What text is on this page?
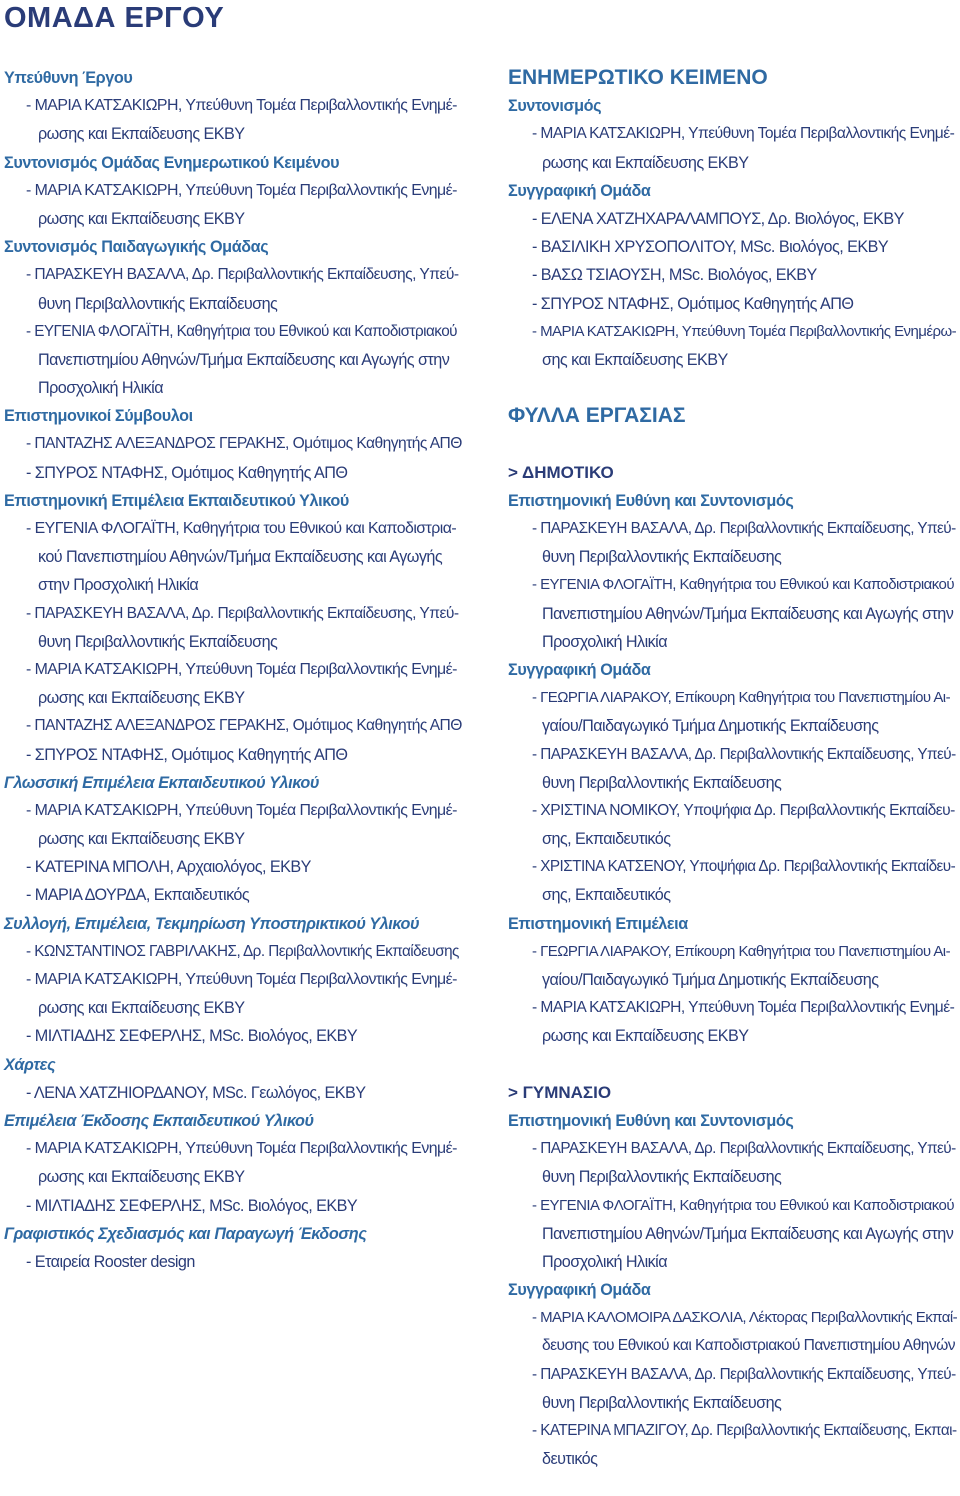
ΟΜΑΔΑ ΕΡΓΟΥ
Υπεύθυνη Έργου
- ΜΑΡΙΑ ΚΑΤΣΑΚΙΩΡΗ, Υπεύθυνη Τομέα Περιβαλλοντικής Ενημέ-
ρωσης και Εκπαίδευσης ΕΚΒΥ
Συντονισμός Ομάδας Ενημερωτικού Κειμένου
- ΜΑΡΙΑ ΚΑΤΣΑΚΙΩΡΗ, Υπεύθυνη Τομέα Περιβαλλοντικής Ενημέ-
ρωσης και Εκπαίδευσης ΕΚΒΥ
Συντονισμός Παιδαγωγικής Ομάδας
- ΠΑΡΑΣΚΕΥΗ ΒΑΣΑΛΑ, Δρ. Περιβαλλοντικής Εκπαίδευσης, Υπεύ-
θυνη Περιβαλλοντικής Εκπαίδευσης
- ΕΥΓΕΝΙΑ ΦΛΟΓΑΪΤΗ, Καθηγήτρια του Εθνικού και Καποδιστριακού
Πανεπιστημίου Αθηνών/Τμήμα Εκπαίδευσης και Αγωγής στην
Προσχολική Ηλικία
Επιστημονικοί Σύμβουλοι
- ΠΑΝΤΑΖΗΣ ΑΛΕΞΑΝΔΡΟΣ ΓΕΡΑΚΗΣ, Ομότιμος Καθηγητής ΑΠΘ
- ΣΠΥΡΟΣ ΝΤΑΦΗΣ, Ομότιμος Καθηγητής ΑΠΘ
Επιστημονική Επιμέλεια Εκπαιδευτικού Υλικού
- ΕΥΓΕΝΙΑ ΦΛΟΓΑΪΤΗ, Καθηγήτρια του Εθνικού και Καποδιστρια-
κού Πανεπιστημίου Αθηνών/Τμήμα Εκπαίδευσης και Αγωγής
στην Προσχολική Ηλικία
- ΠΑΡΑΣΚΕΥΗ ΒΑΣΑΛΑ, Δρ. Περιβαλλοντικής Εκπαίδευσης, Υπεύ-
θυνη Περιβαλλοντικής Εκπαίδευσης
- ΜΑΡΙΑ ΚΑΤΣΑΚΙΩΡΗ, Υπεύθυνη Τομέα Περιβαλλοντικής Ενημέ-
ρωσης και Εκπαίδευσης ΕΚΒΥ
- ΠΑΝΤΑΖΗΣ ΑΛΕΞΑΝΔΡΟΣ ΓΕΡΑΚΗΣ, Ομότιμος Καθηγητής ΑΠΘ
- ΣΠΥΡΟΣ ΝΤΑΦΗΣ, Ομότιμος Καθηγητής ΑΠΘ
Γλωσσική Επιμέλεια Εκπαιδευτικού Υλικού
- ΜΑΡΙΑ ΚΑΤΣΑΚΙΩΡΗ, Υπεύθυνη Τομέα Περιβαλλοντικής Ενημέ-
ρωσης και Εκπαίδευσης ΕΚΒΥ
- ΚΑΤΕΡΙΝΑ ΜΠΟΛΗ, Αρχαιολόγος, ΕΚΒΥ
- ΜΑΡΙΑ ΔΟΥΡΔΑ, Εκπαιδευτικός
Συλλογή, Επιμέλεια, Τεκμηρίωση Υποστηρικτικού Υλικού
- ΚΩΝΣΤΑΝΤΙΝΟΣ ΓΑΒΡΙΛΑΚΗΣ, Δρ. Περιβαλλοντικής Εκπαίδευσης
- ΜΑΡΙΑ ΚΑΤΣΑΚΙΩΡΗ, Υπεύθυνη Τομέα Περιβαλλοντικής Ενημέ-
ρωσης και Εκπαίδευσης ΕΚΒΥ
- ΜΙΛΤΙΑΔΗΣ ΣΕΦΕΡΛΗΣ, MSc. Βιολόγος, ΕΚΒΥ
Χάρτες
- ΛΕΝΑ ΧΑΤΖΗΙΟΡΔΑΝΟΥ, MSc. Γεωλόγος, ΕΚΒΥ
Επιμέλεια Έκδοσης Εκπαιδευτικού Υλικού
- ΜΑΡΙΑ ΚΑΤΣΑΚΙΩΡΗ, Υπεύθυνη Τομέα Περιβαλλοντικής Ενημέ-
ρωσης και Εκπαίδευσης ΕΚΒΥ
- ΜΙΛΤΙΑΔΗΣ ΣΕΦΕΡΛΗΣ, MSc. Βιολόγος, ΕΚΒΥ
Γραφιστικός Σχεδιασμός και Παραγωγή Έκδοσης
- Εταιρεία Rooster design
ΕΝΗΜΕΡΩΤΙΚΟ ΚΕΙΜΕΝΟ
Συντονισμός
- ΜΑΡΙΑ ΚΑΤΣΑΚΙΩΡΗ, Υπεύθυνη Τομέα Περιβαλλοντικής Ενημέ-
ρωσης και Εκπαίδευσης ΕΚΒΥ
Συγγραφική Ομάδα
- ΕΛΕΝΑ ΧΑΤΖΗΧΑΡΑΛΑΜΠΟΥΣ, Δρ. Βιολόγος, ΕΚΒΥ
- ΒΑΣΙΛΙΚΗ ΧΡΥΣΟΠΟΛΙΤΟΥ, MSc. Βιολόγος, ΕΚΒΥ
- ΒΑΣΩ ΤΣΙΑΟΥΣΗ, MSc. Βιολόγος, ΕΚΒΥ
- ΣΠΥΡΟΣ ΝΤΑΦΗΣ, Ομότιμος Καθηγητής ΑΠΘ
- ΜΑΡΙΑ ΚΑΤΣΑΚΙΩΡΗ, Υπεύθυνη Τομέα Περιβαλλοντικής Ενημέρω-
σης και Εκπαίδευσης ΕΚΒΥ
ΦΥΛΛΑ ΕΡΓΑΣΙΑΣ
> ΔΗΜΟΤΙΚΟ
Επιστημονική Ευθύνη και Συντονισμός
- ΠΑΡΑΣΚΕΥΗ ΒΑΣΑΛΑ, Δρ. Περιβαλλοντικής Εκπαίδευσης, Υπεύ-
θυνη Περιβαλλοντικής Εκπαίδευσης
- ΕΥΓΕΝΙΑ ΦΛΟΓΑΪΤΗ, Καθηγήτρια του Εθνικού και Καποδιστριακού
Πανεπιστημίου Αθηνών/Τμήμα Εκπαίδευσης και Αγωγής στην
Προσχολική Ηλικία
Συγγραφική Ομάδα
- ΓΕΩΡΓΙΑ ΛΙΑΡΑΚΟΥ, Επίκουρη Καθηγήτρια του Πανεπιστημίου Αι-
γαίου/Παιδαγωγικό Τμήμα Δημοτικής Εκπαίδευσης
- ΠΑΡΑΣΚΕΥΗ ΒΑΣΑΛΑ, Δρ. Περιβαλλοντικής Εκπαίδευσης, Υπεύ-
θυνη Περιβαλλοντικής Εκπαίδευσης
- ΧΡΙΣΤΙΝΑ ΝΟΜΙΚΟΥ, Υποψήφια Δρ. Περιβαλλοντικής Εκπαίδευ-
σης, Εκπαιδευτικός
- ΧΡΙΣΤΙΝΑ ΚΑΤΣΕΝΟΥ, Υποψήφια Δρ. Περιβαλλοντικής Εκπαίδευ-
σης, Εκπαιδευτικός
Επιστημονική Επιμέλεια
- ΓΕΩΡΓΙΑ ΛΙΑΡΑΚΟΥ, Επίκουρη Καθηγήτρια του Πανεπιστημίου Αι-
γαίου/Παιδαγωγικό Τμήμα Δημοτικής Εκπαίδευσης
- ΜΑΡΙΑ ΚΑΤΣΑΚΙΩΡΗ, Υπεύθυνη Τομέα Περιβαλλοντικής Ενημέ-
ρωσης και Εκπαίδευσης ΕΚΒΥ
> ΓΥΜΝΑΣΙΟ
Επιστημονική Ευθύνη και Συντονισμός
- ΠΑΡΑΣΚΕΥΗ ΒΑΣΑΛΑ, Δρ. Περιβαλλοντικής Εκπαίδευσης, Υπεύ-
θυνη Περιβαλλοντικής Εκπαίδευσης
- ΕΥΓΕΝΙΑ ΦΛΟΓΑΪΤΗ, Καθηγήτρια του Εθνικού και Καποδιστριακού
Πανεπιστημίου Αθηνών/Τμήμα Εκπαίδευσης και Αγωγής στην
Προσχολική Ηλικία
Συγγραφική Ομάδα
- ΜΑΡΙΑ ΚΑΛΟΜΟΙΡΑ ΔΑΣΚΟΛΙΑ, Λέκτορας Περιβαλλοντικής Εκπαί-
δευσης του Εθνικού και Καποδιστριακού Πανεπιστημίου Αθηνών
- ΠΑΡΑΣΚΕΥΗ ΒΑΣΑΛΑ, Δρ. Περιβαλλοντικής Εκπαίδευσης, Υπεύ-
θυνη Περιβαλλοντικής Εκπαίδευσης
- ΚΑΤΕΡΙΝΑ ΜΠΑΖΙΓΟΥ, Δρ. Περιβαλλοντικής Εκπαίδευσης, Εκπαι-
δευτικός
